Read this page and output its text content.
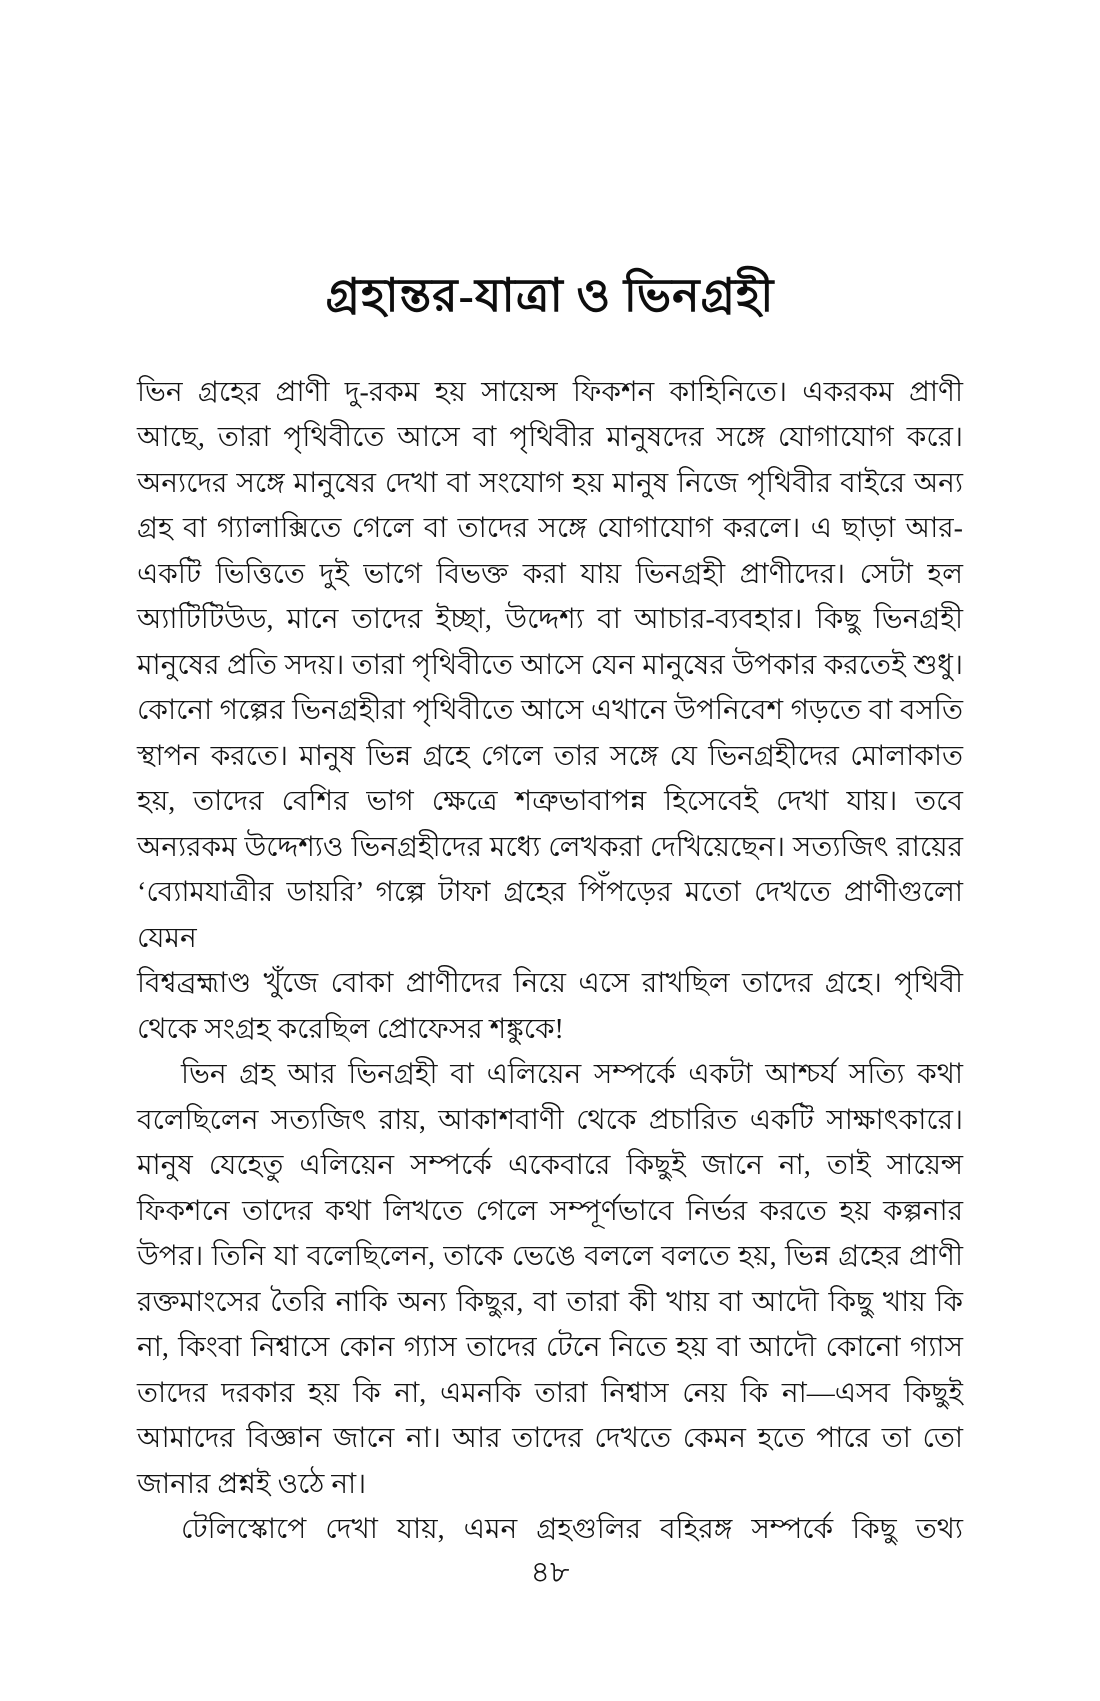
গ্রহান্তর-যাত্রা ও ভিনগ্রহী
ভিন গ্রহের প্রাণী দু-রকম হয় সায়েন্স ফিকশন কাহিনিতে। একরকম প্রাণী
আছে, তারা পৃথিবীতে আসে বা পৃথিবীর মানুষদের সঙ্গে যোগাযোগ করে।
অন্যদের সঙ্গে মানুষের দেখা বা সংযোগ হয় মানুষ নিজে পৃথিবীর বাইরে অন্য
গ্রহ বা গ্যালাক্সিতে গেলে বা তাদের সঙ্গে যোগাযোগ করলে। এ ছাড়া আর-
একটি ভিত্তিতে দুই ভাগে বিভক্ত করা যায় ভিনগ্রহী প্রাণীদের। সেটা হল
অ্যাটিটিউড, মানে তাদের ইচ্ছা, উদ্দেশ্য বা আচার-ব্যবহার। কিছু ভিনগ্রহী
মানুষের প্রতি সদয়। তারা পৃথিবীতে আসে যেন মানুষের উপকার করতেই শুধু।
কোনো গল্পের ভিনগ্রহীরা পৃথিবীতে আসে এখানে উপনিবেশ গড়তে বা বসতি
স্থাপন করতে। মানুষ ভিন্ন গ্রহে গেলে তার সঙ্গে যে ভিনগ্রহীদের মোলাকাত
হয়, তাদের বেশির ভাগ ক্ষেত্রে শত্রুভাবাপন্ন হিসেবেই দেখা যায়। তবে
অন্যরকম উদ্দেশ্যও ভিনগ্রহীদের মধ্যে লেখকরা দেখিয়েছেন। সত্যজিৎ রায়ের
‘ব্যোমযাত্রীর ডায়রি’ গল্পে টাফা গ্রহের পিঁপড়ের মতো দেখতে প্রাণীগুলো যেমন
বিশ্বব্রহ্মাণ্ড খুঁজে বোকা প্রাণীদের নিয়ে এসে রাখছিল তাদের গ্রহে। পৃথিবী
থেকে সংগ্রহ করেছিল প্রোফেসর শঙ্কুকে!
ভিন গ্রহ আর ভিনগ্রহী বা এলিয়েন সম্পর্কে একটা আশ্চর্য সত্যি কথা
বলেছিলেন সত্যজিৎ রায়, আকাশবাণী থেকে প্রচারিত একটি সাক্ষাৎকারে।
মানুষ যেহেতু এলিয়েন সম্পর্কে একেবারে কিছুই জানে না, তাই সায়েন্স
ফিকশনে তাদের কথা লিখতে গেলে সম্পূর্ণভাবে নির্ভর করতে হয় কল্পনার
উপর। তিনি যা বলেছিলেন, তাকে ভেঙে বললে বলতে হয়, ভিন্ন গ্রহের প্রাণী
রক্তমাংসের তৈরি নাকি অন্য কিছুর, বা তারা কী খায় বা আদৌ কিছু খায় কি
না, কিংবা নিশ্বাসে কোন গ্যাস তাদের টেনে নিতে হয় বা আদৌ কোনো গ্যাস
তাদের দরকার হয় কি না, এমনকি তারা নিশ্বাস নেয় কি না—এসব কিছুই
আমাদের বিজ্ঞান জানে না। আর তাদের দেখতে কেমন হতে পারে তা তো
জানার প্রশ্নই ওঠে না।
টেলিস্কোপে দেখা যায়, এমন গ্রহগুলির বহিরঙ্গ সম্পর্কে কিছু তথ্য
৪৮
